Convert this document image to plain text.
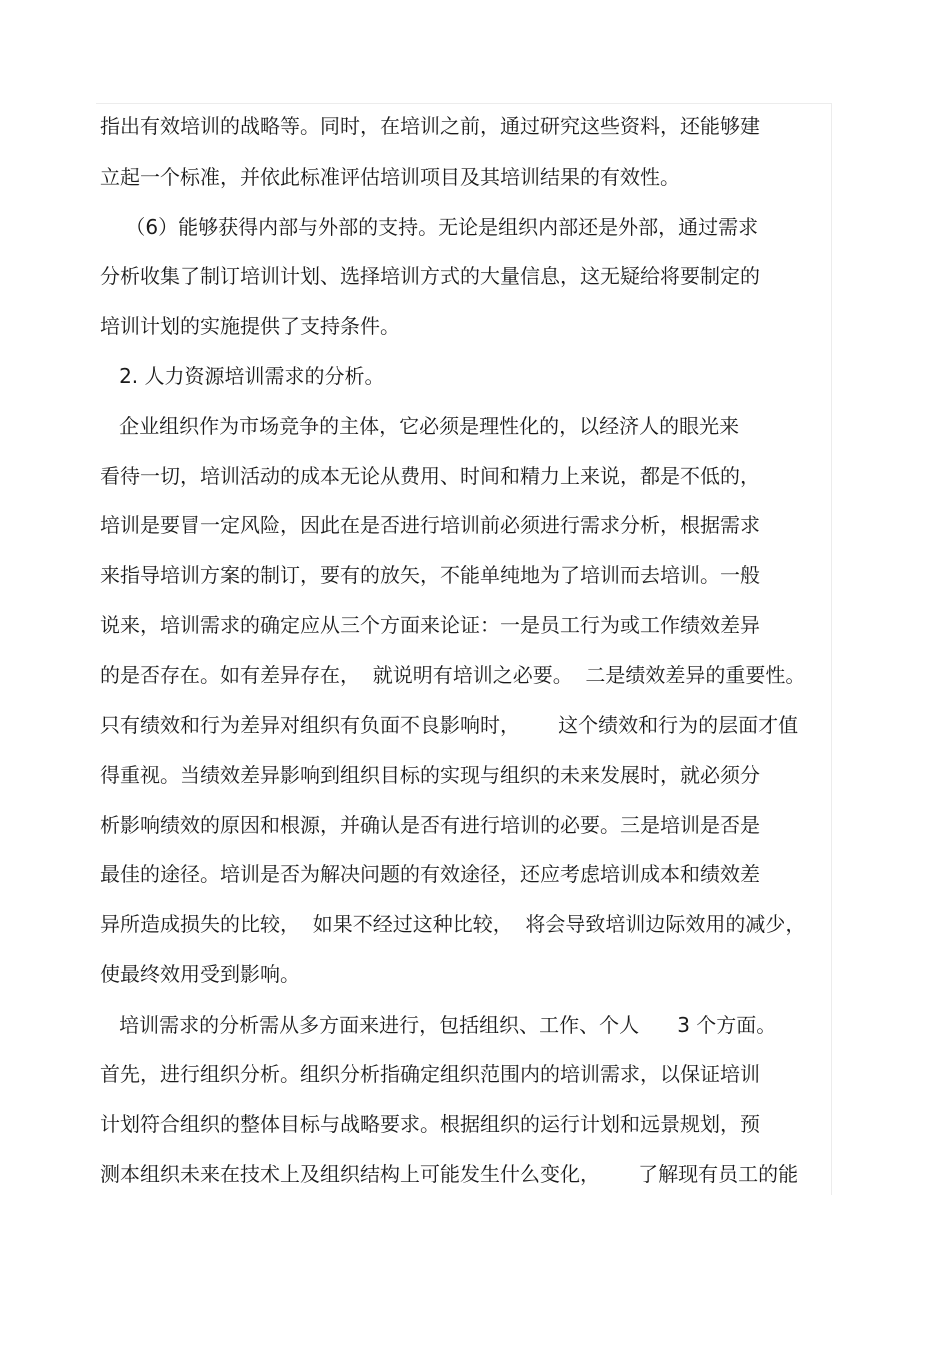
指出有效培训的战略等。同时，在培训之前，通过研究这些资料，还能够建
立起一个标准，并依此标准评估培训项目及其培训结果的有效性。
（6）能够获得内部与外部的支持。无论是组织内部还是外部，通过需求
分析收集了制订培训计划、选择培训方式的大量信息，这无疑给将要制定的
培训计划的实施提供了支持条件。
2. 人力资源培训需求的分析。
企业组织作为市场竞争的主体，它必须是理性化的，以经济人的眼光来
看待一切，培训活动的成本无论从费用、时间和精力上来说，都是不低的，
培训是要冒一定风险，因此在是否进行培训前必须进行需求分析，根据需求
来指导培训方案的制订，要有的放矢，不能单纯地为了培训而去培训。一般
说来，培训需求的确定应从三个方面来论证：一是员工行为或工作绩效差异
的是否存在。如有差异存在，  就说明有培训之必要。  二是绩效差异的重要性。
只有绩效和行为差异对组织有负面不良影响时，      这个绩效和行为的层面才值
得重视。当绩效差异影响到组织目标的实现与组织的未来发展时，就必须分
析影响绩效的原因和根源，并确认是否有进行培训的必要。三是培训是否是
最佳的途径。培训是否为解决问题的有效途径，还应考虑培训成本和绩效差
异所造成损失的比较，  如果不经过这种比较，  将会导致培训边际效用的减少，
使最终效用受到影响。
培训需求的分析需从多方面来进行，包括组织、工作、个人      3 个方面。
首先，进行组织分析。组织分析指确定组织范围内的培训需求，以保证培训
计划符合组织的整体目标与战略要求。根据组织的运行计划和远景规划，预
测本组织未来在技术上及组织结构上可能发生什么变化，      了解现有员工的能
